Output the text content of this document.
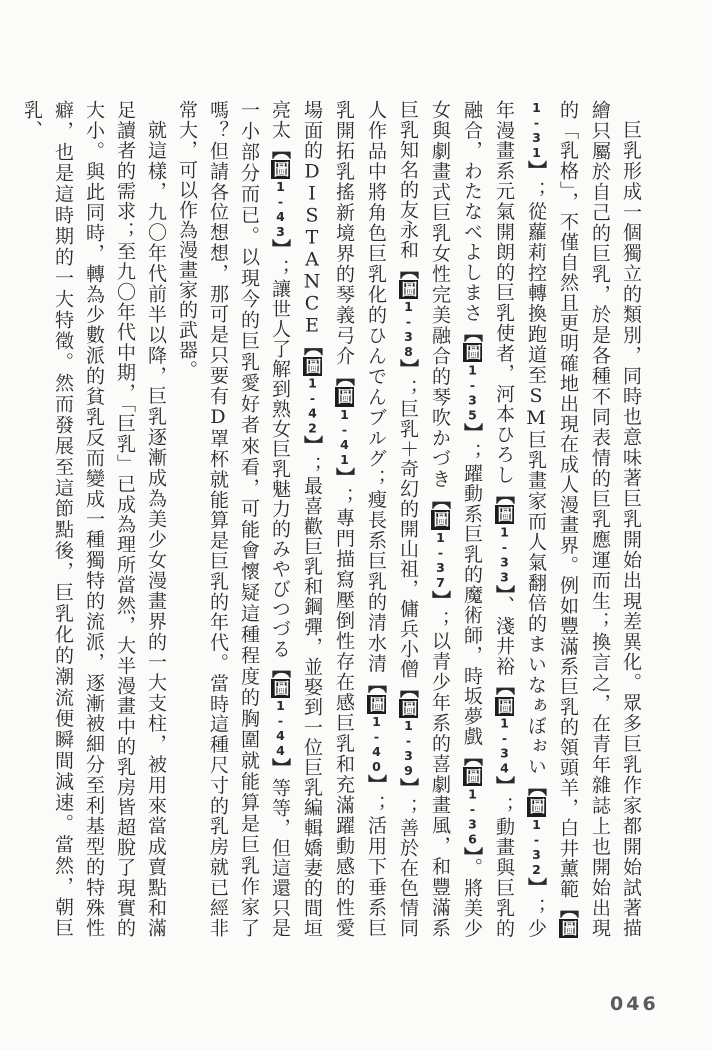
巨乳形成一個獨立的類別，同時也意味著巨乳開始出現差異化。眾多巨乳作家都開始試著描繪只屬於自己的巨乳，於是各種不同表情的巨乳應運而生；換言之，在青年雜誌上也開始出現的「乳格」，不僅自然且更明確地出現在成人漫畫界。例如豐滿系巨乳的領頭羊，白井薰範【圖1-31】；從蘿莉控轉換跑道至SM巨乳畫家而人氣翻倍的まいなぁぼぉい【圖1-32】；少年漫畫系元氣開朗的巨乳使者，河本ひろし【圖1-33】、淺井裕【圖1-34】；動畫與巨乳的融合，わたなべよしまさ【圖1-35】；躍動系巨乳的魔術師，時坂夢戲【圖1-36】。將美少女與劇畫式巨乳女性完美融合的琴吹かづき【圖1-37】；以青少年系的喜劇畫風，和豐滿系巨乳知名的友永和【圖1-38】；巨乳＋奇幻的開山祖，傭兵小僧【圖1-39】；善於在色情同人作品中將角色巨乳化的ひんでんブルグ；瘦長系巨乳的清水清【圖1-40】；活用下垂系巨乳開拓乳搖新境界的琴義弓介【圖1-41】；專門描寫壓倒性存在感巨乳和充滿躍動感的性愛場面的DISTANCE【圖1-42】；最喜歡巨乳和鋼彈，並娶到一位巨乳編輯嬌妻的間垣亮太【圖1-43】；讓世人了解到熟女巨乳魅力的みやびつづる【圖1-44】等等，但這還只是一小部分而已。以現今的巨乳愛好者來看，可能會懷疑這種程度的胸圍就能算是巨乳作家了嗎？但請各位想想，那可是只要有D罩杯就能算是巨乳的年代。當時這種尺寸的乳房就已經非常大，可以作為漫畫家的武器。

就這樣，九〇年代前半以降，巨乳逐漸成為美少女漫畫界的一大支柱，被用來當成賣點和滿足讀者的需求；至九〇年代中期，「巨乳」已成為理所當然，大半漫畫中的乳房皆超脫了現實的大小。與此同時，轉為少數派的貧乳反而變成一種獨特的流派，逐漸被細分至利基型的特殊性癖，也是這時期的一大特徵。然而發展至這節點後，巨乳化的潮流便瞬間減速。當然，朝巨乳、

046
